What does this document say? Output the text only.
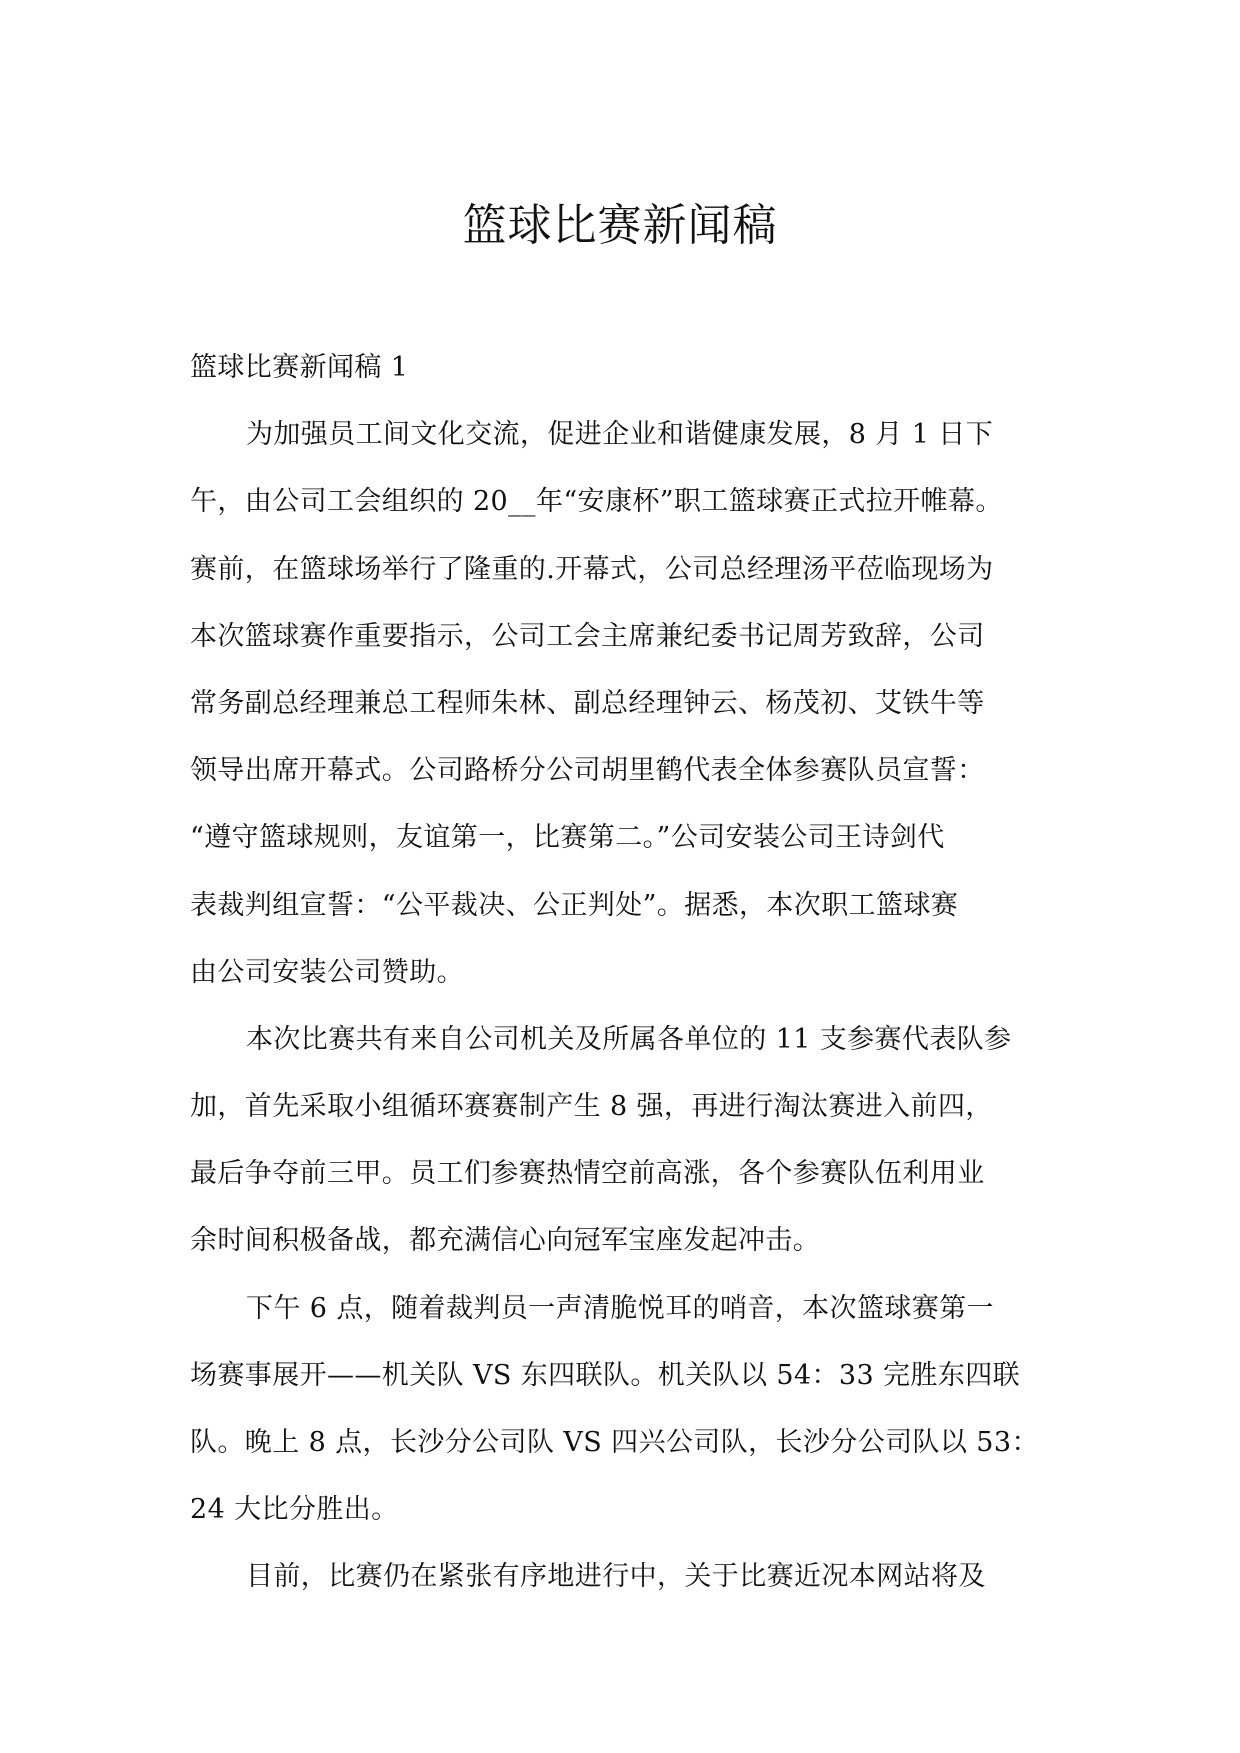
篮球比赛新闻稿
篮球比赛新闻稿 1
为加强员工间文化交流，促进企业和谐健康发展，8 月 1 日下
午，由公司工会组织的 20__年“安康杯”职工篮球赛正式拉开帷幕。
赛前，在篮球场举行了隆重的.开幕式，公司总经理汤平莅临现场为
本次篮球赛作重要指示，公司工会主席兼纪委书记周芳致辞，公司
常务副总经理兼总工程师朱林、副总经理钟云、杨茂初、艾铁牛等
领导出席开幕式。公司路桥分公司胡里鹤代表全体参赛队员宣誓：
“遵守篮球规则，友谊第一，比赛第二。”公司安装公司王诗剑代
表裁判组宣誓：“公平裁决、公正判处”。据悉，本次职工篮球赛
由公司安装公司赞助。
本次比赛共有来自公司机关及所属各单位的 11 支参赛代表队参
加，首先采取小组循环赛赛制产生 8 强，再进行淘汰赛进入前四，
最后争夺前三甲。员工们参赛热情空前高涨，各个参赛队伍利用业
余时间积极备战，都充满信心向冠军宝座发起冲击。
下午 6 点，随着裁判员一声清脆悦耳的哨音，本次篮球赛第一
场赛事展开——机关队 VS 东四联队。机关队以 54：33 完胜东四联
队。晚上 8 点，长沙分公司队 VS 四兴公司队，长沙分公司队以 53：
24 大比分胜出。
目前，比赛仍在紧张有序地进行中，关于比赛近况本网站将及
